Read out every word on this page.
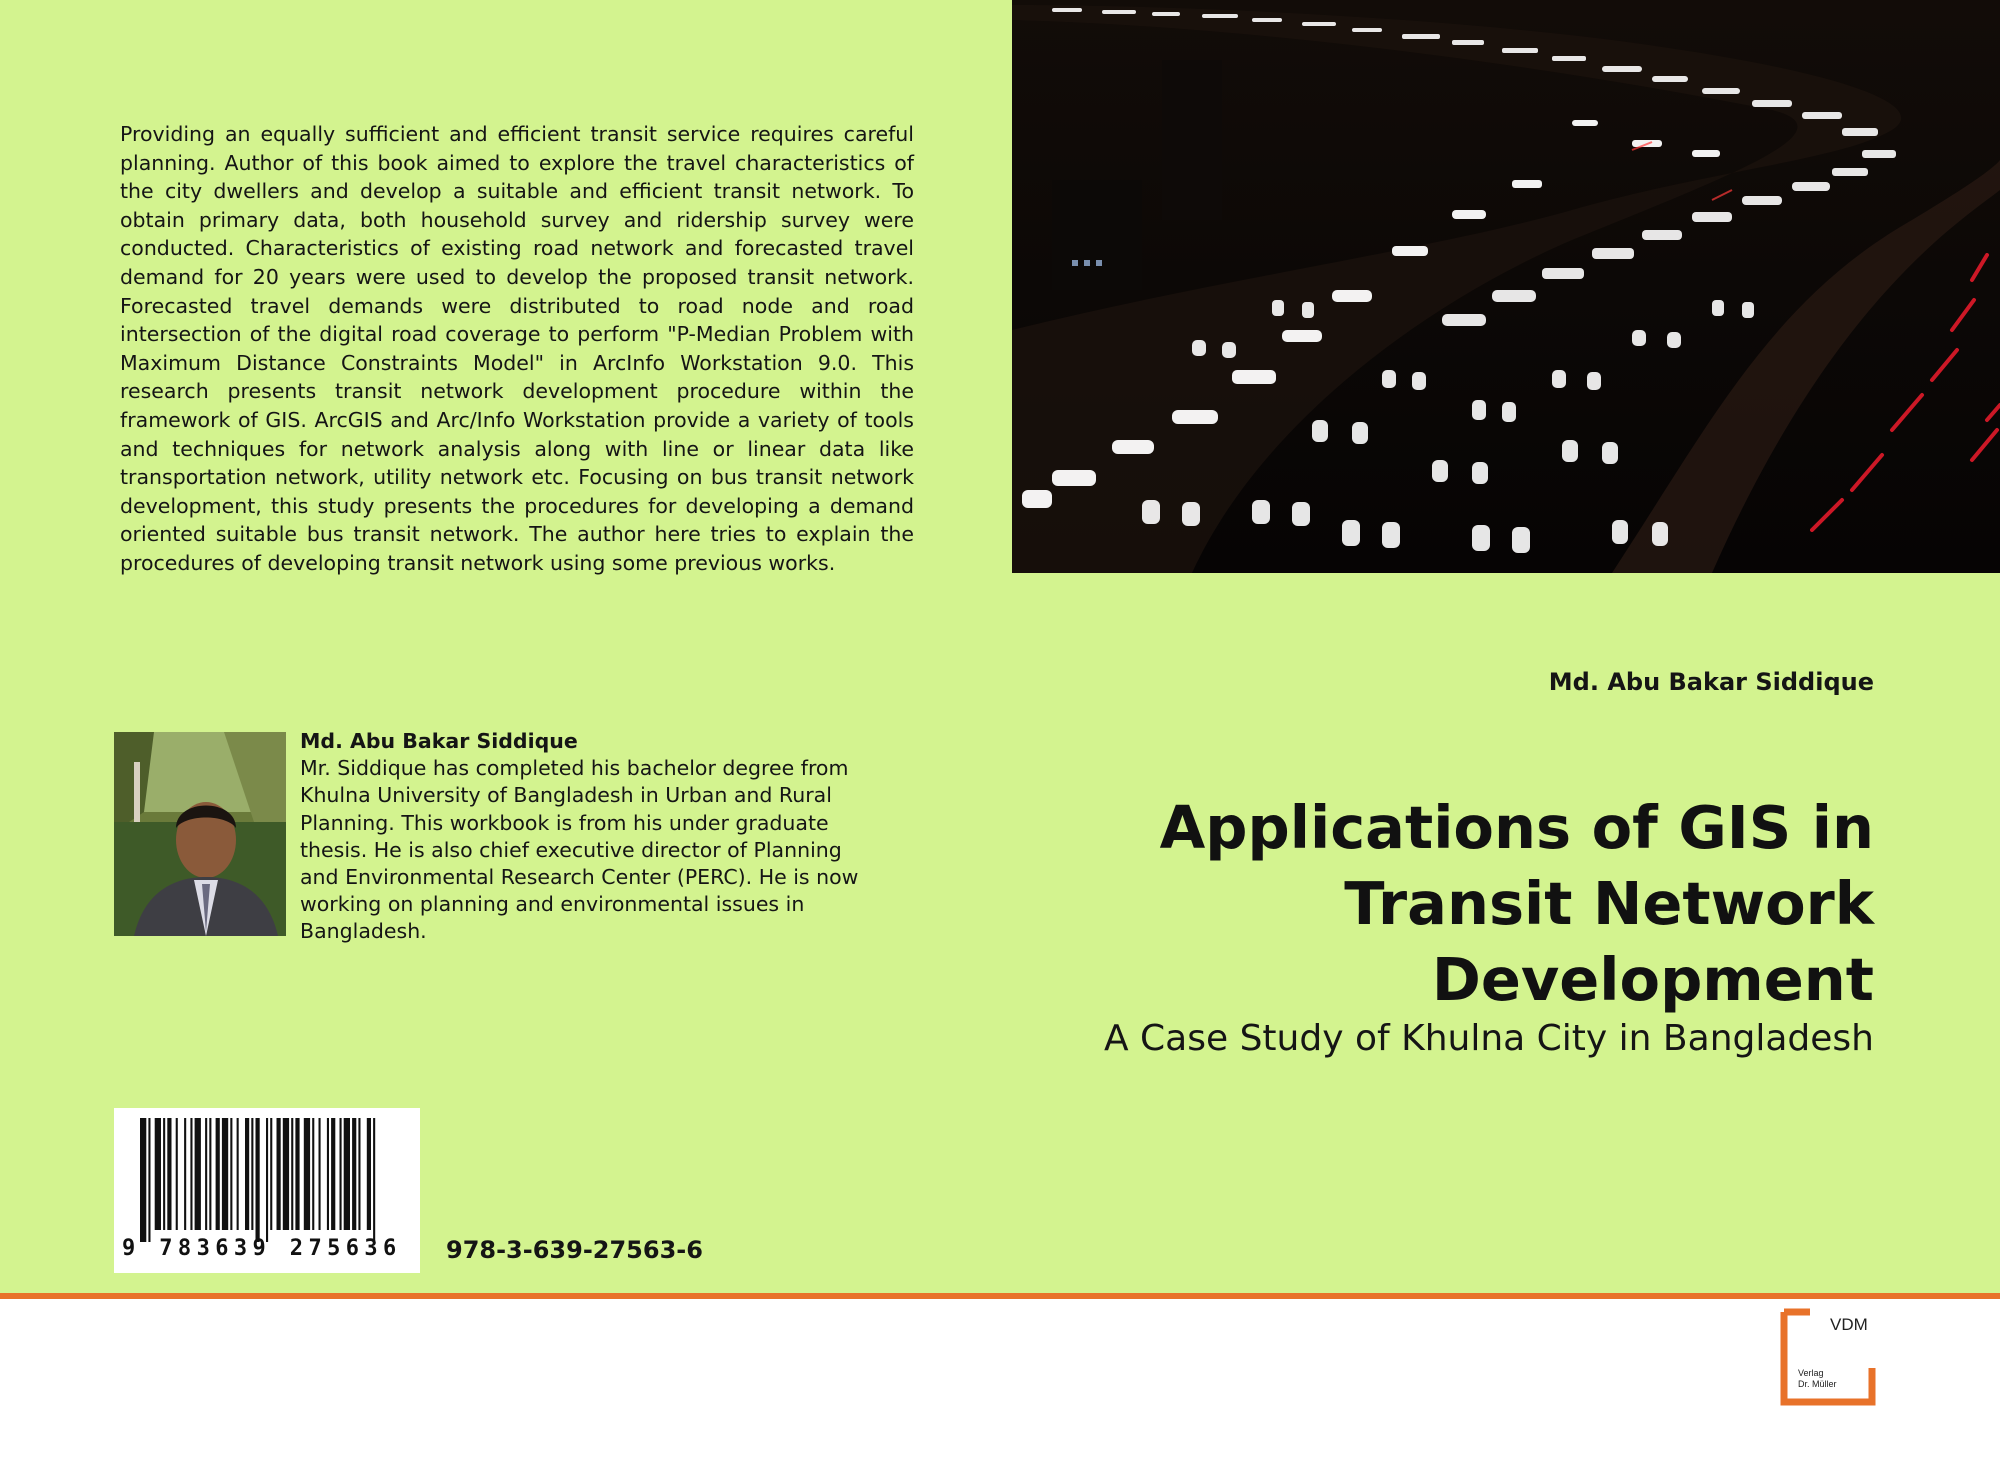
Providing an equally sufficient and efficient transit service requires careful planning. Author of this book aimed to explore the travel characteristics of the city dwellers and develop a suitable and efficient transit network. To obtain primary data, both household survey and ridership survey were conducted. Characteristics of existing road network and forecasted travel demand for 20 years were used to develop the proposed transit network. Forecasted travel demands were distributed to road node and road intersection of the digital road coverage to perform "P-Median Problem with Maximum Distance Constraints Model" in ArcInfo Workstation 9.0. This research presents transit network development procedure within the framework of GIS. ArcGIS and Arc/Info Workstation provide a variety of tools and techniques for network analysis along with line or linear data like transportation network, utility network etc. Focusing on bus transit network development, this study presents the procedures for developing a demand oriented suitable bus transit network. The author here tries to explain the procedures of developing transit network using some previous works.

Md. Abu Bakar Siddique

Md. Abu Bakar Siddique
Mr. Siddique has completed his bachelor degree from Khulna University of Bangladesh in Urban and Rural Planning. This workbook is from his under graduate thesis. He is also chief executive director of Planning and Environmental Research Center (PERC). He is now working on planning and environmental issues in Bangladesh.

Applications of GIS in
Transit Network
Development
A Case Study of Khulna City in Bangladesh
9 783639 275636	978-3-639-27563-6
VDM
Verlag
Dr. Müller
